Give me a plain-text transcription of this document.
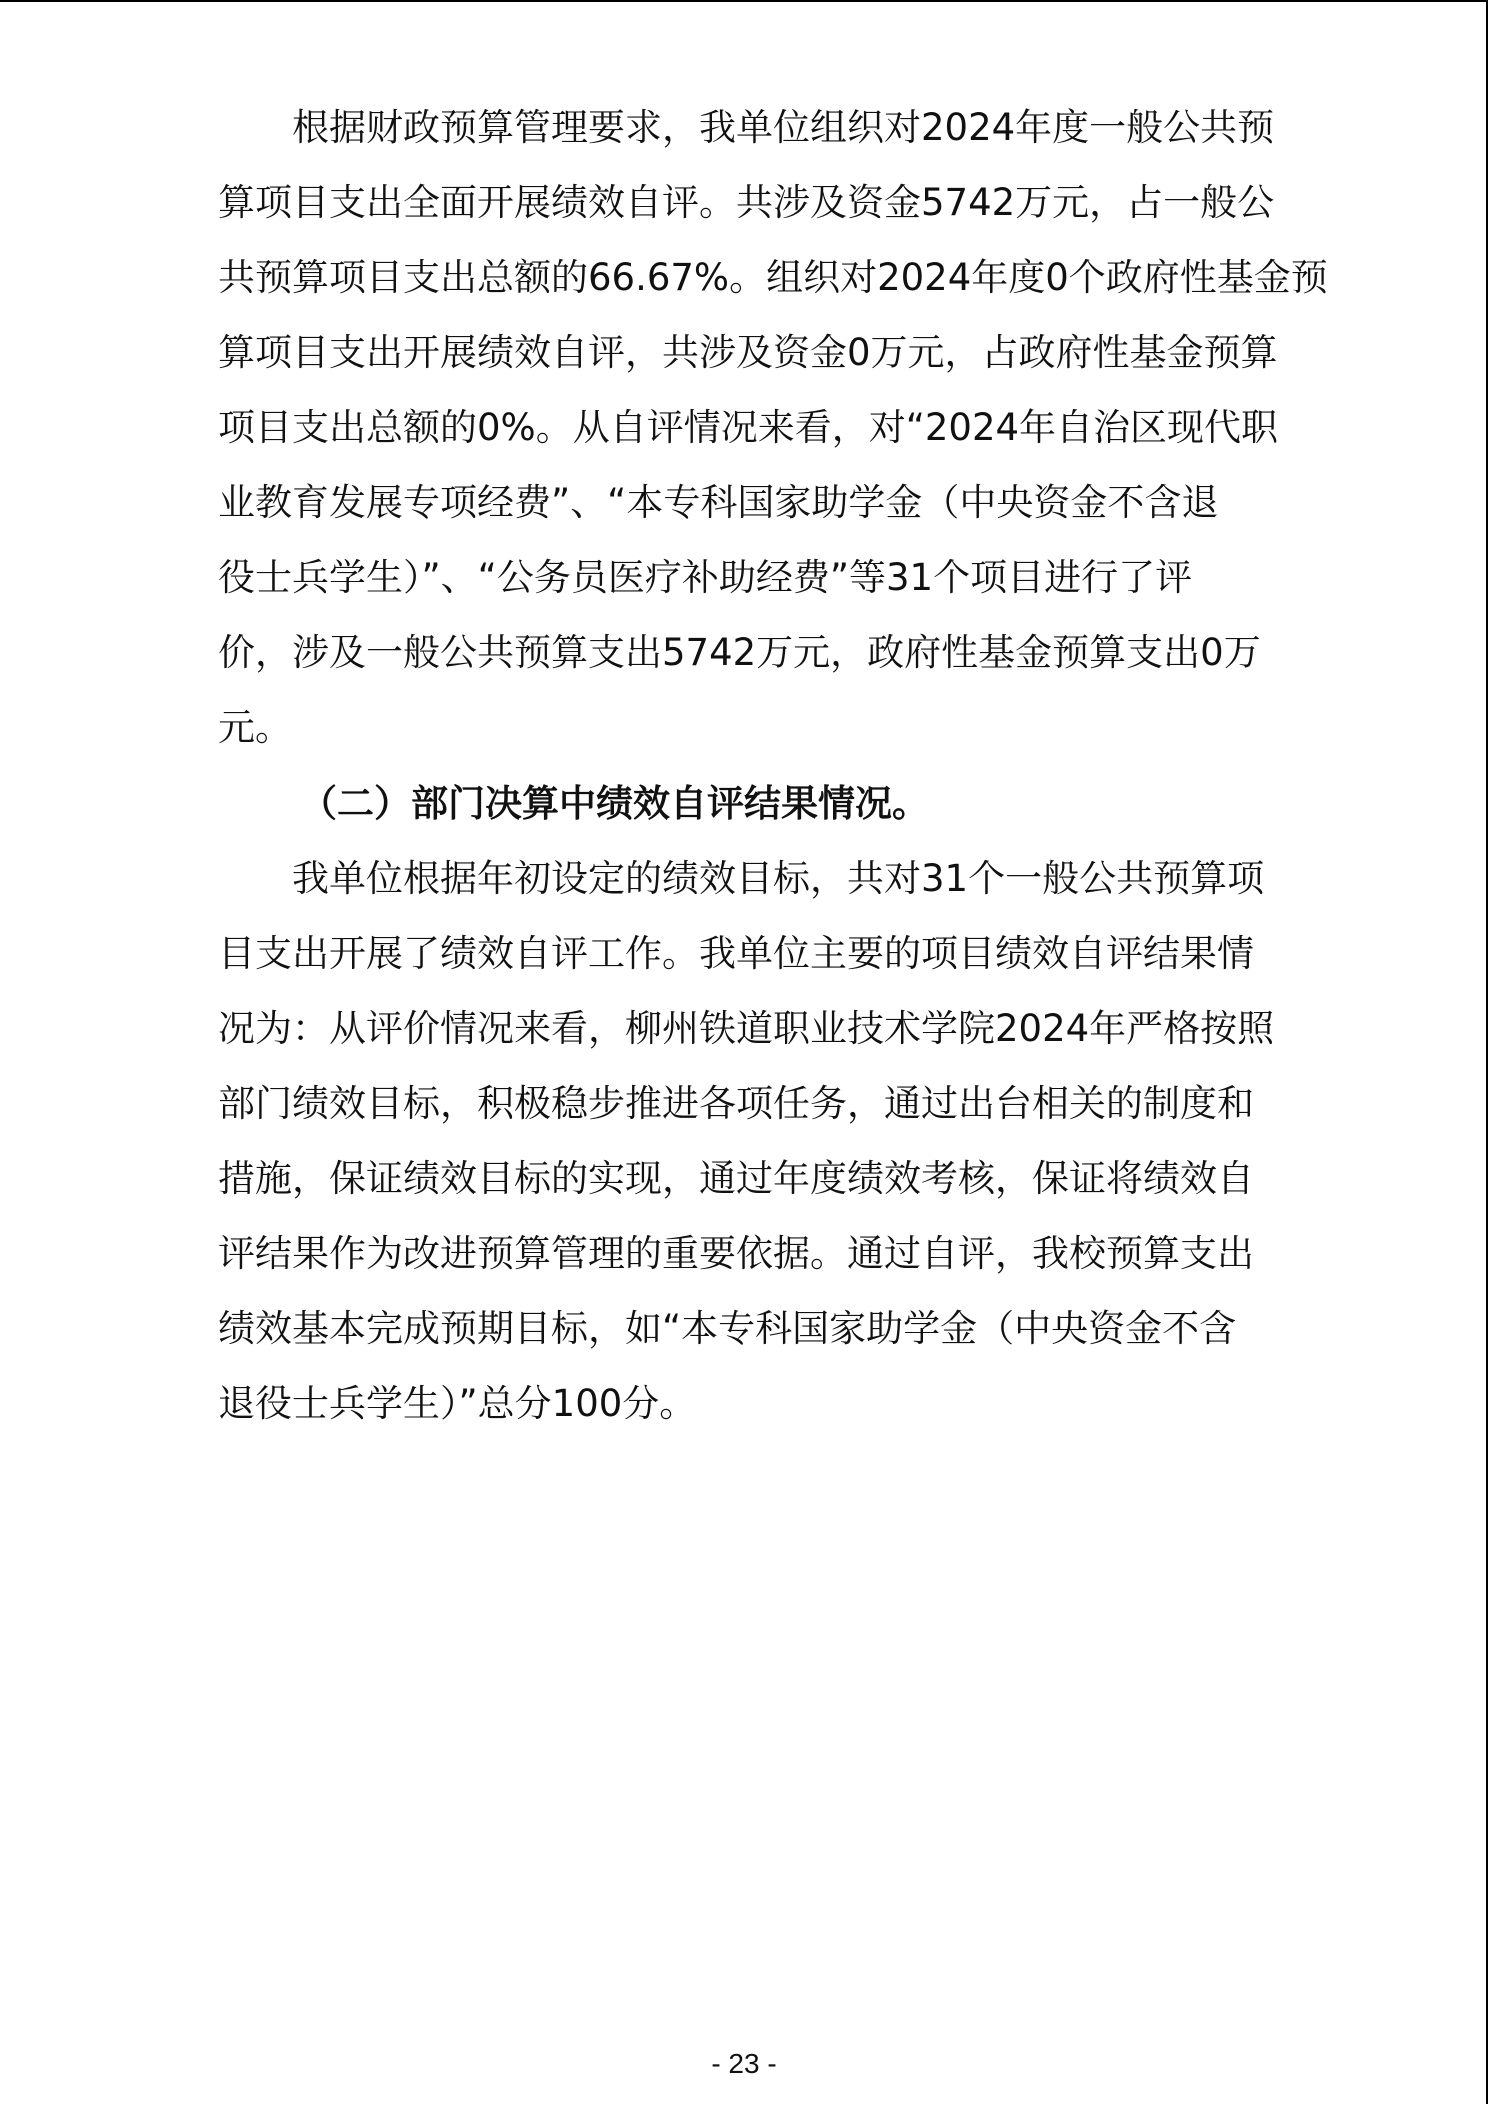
根据财政预算管理要求，我单位组织对2024年度一般公共预
算项目支出全面开展绩效自评。共涉及资金5742万元，占一般公
共预算项目支出总额的66.67%。组织对2024年度0个政府性基金预
算项目支出开展绩效自评，共涉及资金0万元，占政府性基金预算
项目支出总额的0%。从自评情况来看，对“2024年自治区现代职
业教育发展专项经费”、“本专科国家助学金（中央资金不含退
役士兵学生）”、“公务员医疗补助经费”等31个项目进行了评
价，涉及一般公共预算支出5742万元，政府性基金预算支出0万
元。
（二）部门决算中绩效自评结果情况。
我单位根据年初设定的绩效目标，共对31个一般公共预算项
目支出开展了绩效自评工作。我单位主要的项目绩效自评结果情
况为：从评价情况来看，柳州铁道职业技术学院2024年严格按照
部门绩效目标，积极稳步推进各项任务，通过出台相关的制度和
措施，保证绩效目标的实现，通过年度绩效考核，保证将绩效自
评结果作为改进预算管理的重要依据。通过自评，我校预算支出
绩效基本完成预期目标，如“本专科国家助学金（中央资金不含
退役士兵学生）”总分100分。
- 23 -
